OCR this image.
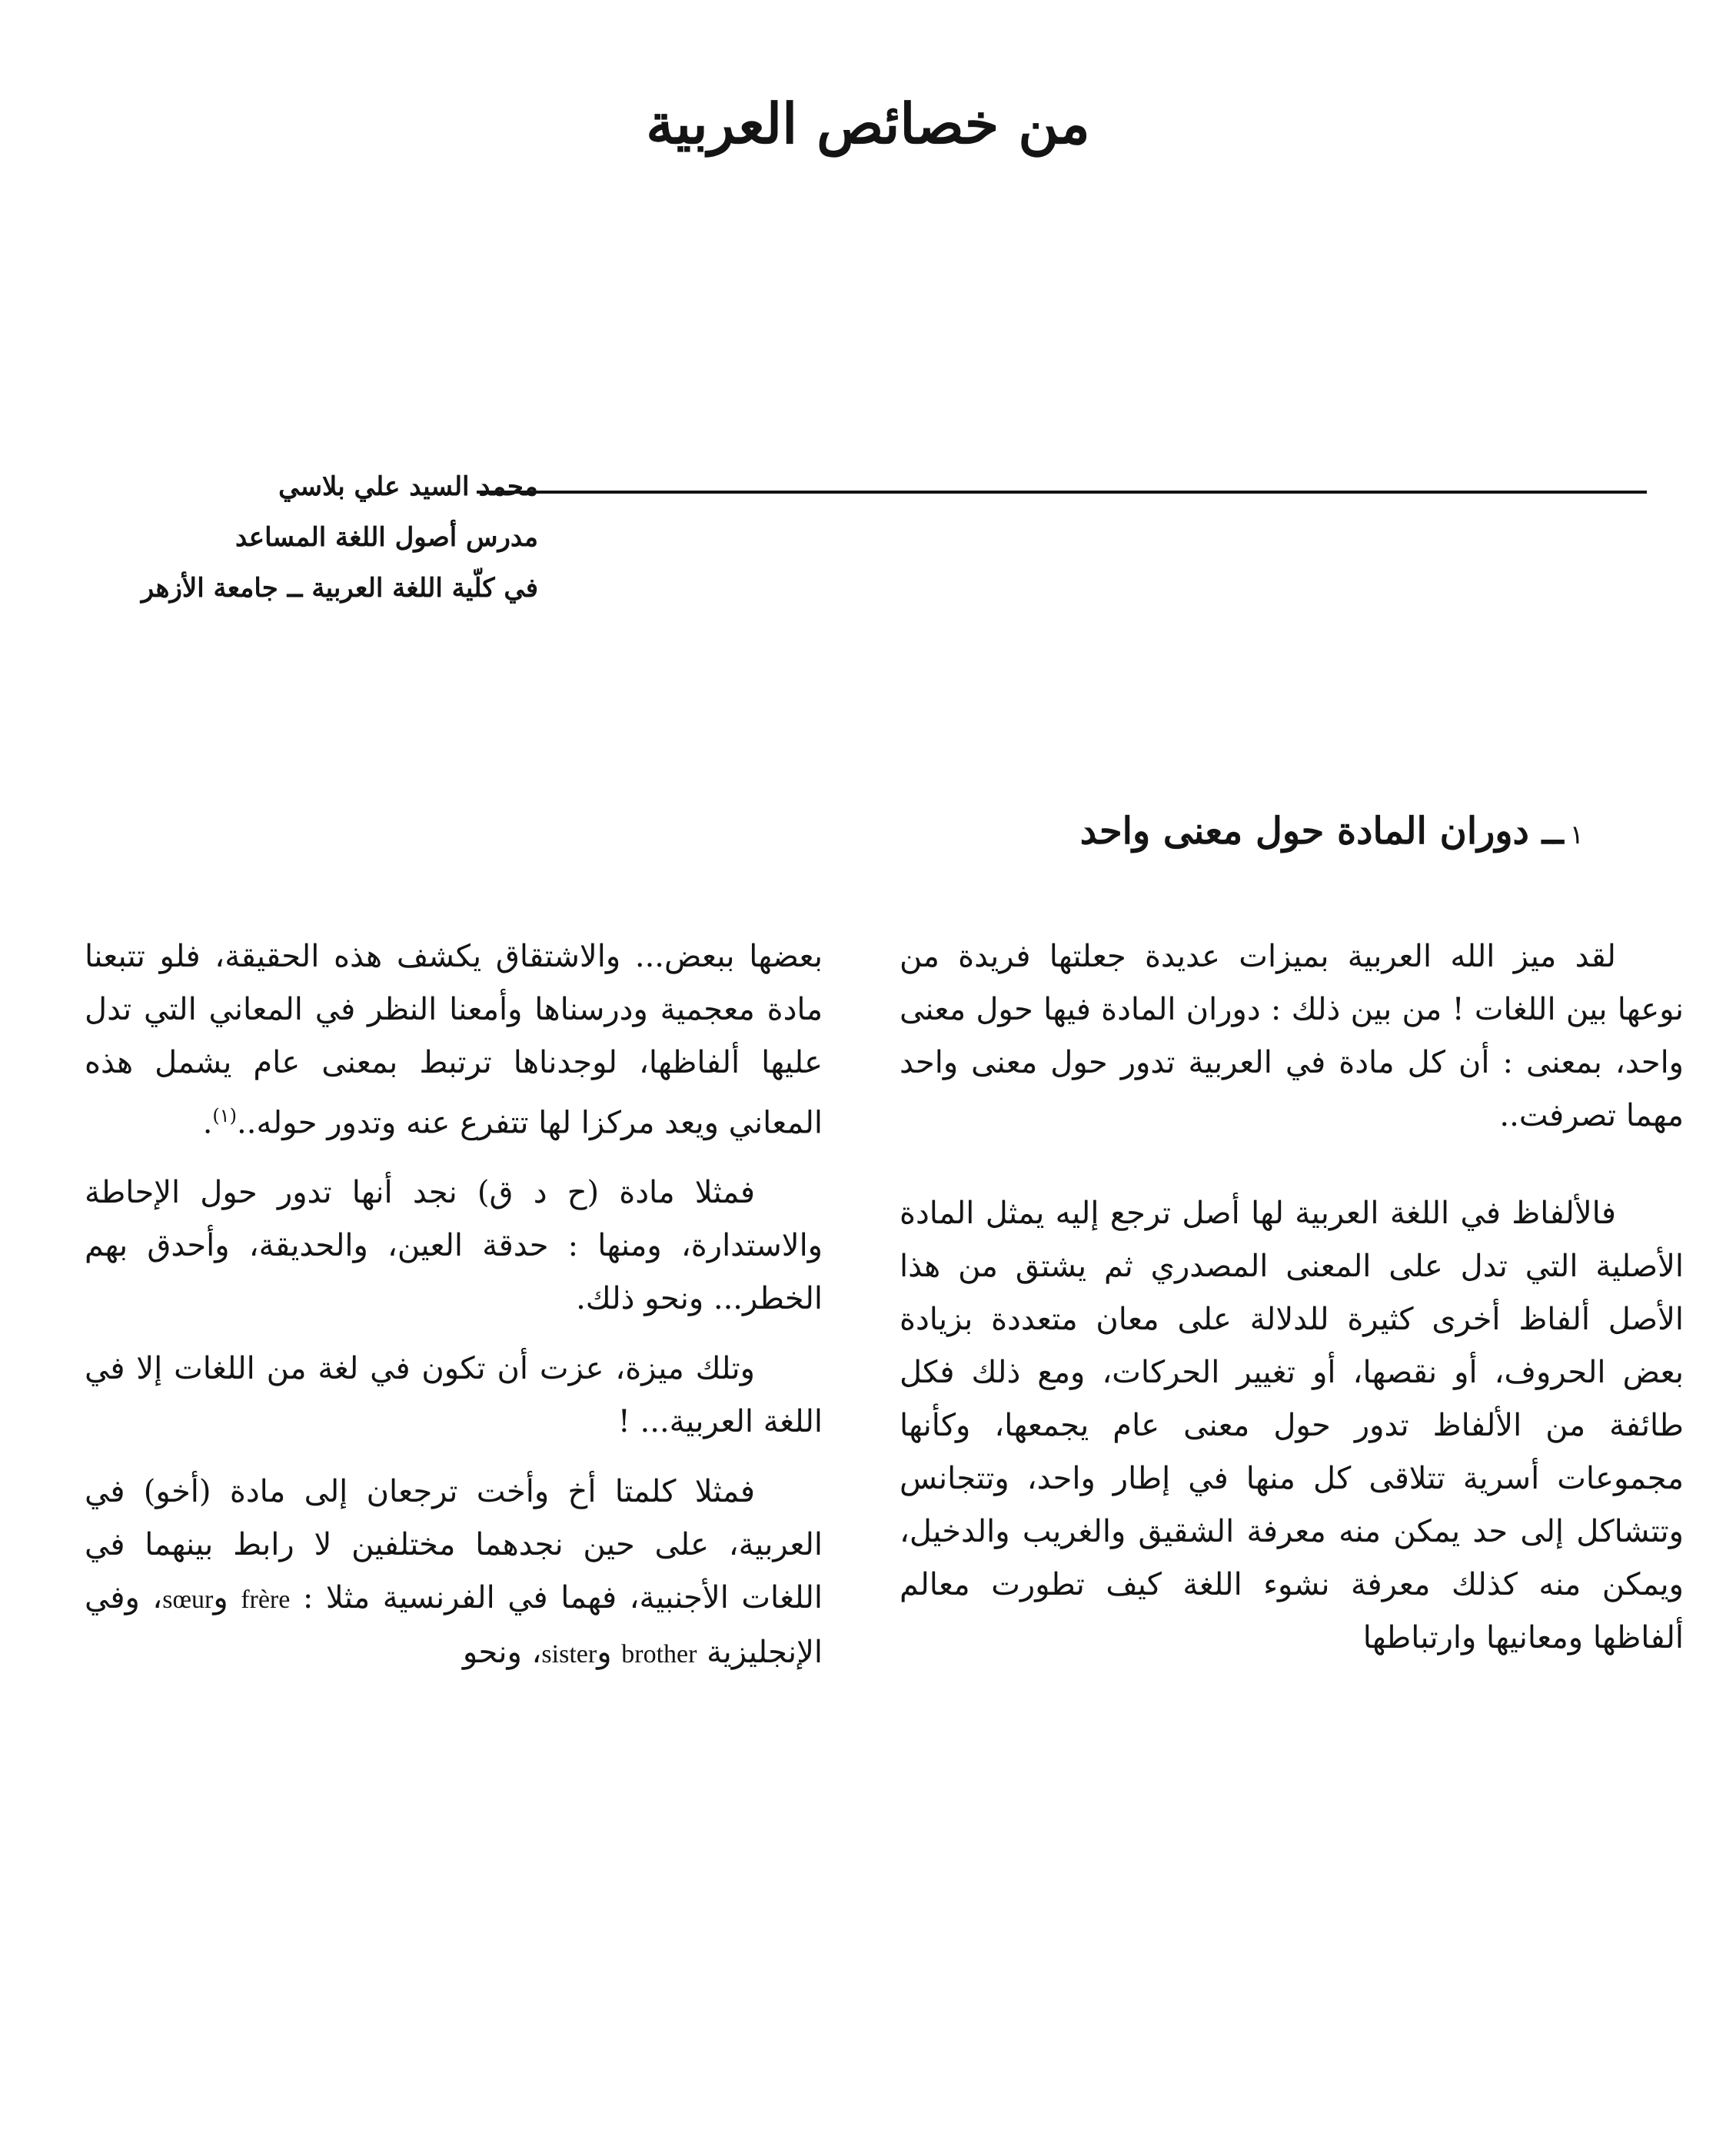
من خصائص العربية
محمد السيد علي بلاسي
مدرس أصول اللغة المساعد
في كلّية اللغة العربية ــ جامعة الأزهر
١ــ دوران المادة حول معنى واحد

لقد ميز الله العربية بميزات عديدة جعلتها فريدة من نوعها بين اللغات ! من بين ذلك : دوران المادة فيها حول معنى واحد، بمعنى : أن كل مادة في العربية تدور حول معنى واحد مهما تصرفت..

فالألفاظ في اللغة العربية لها أصل ترجع إليه يمثل المادة الأصلية التي تدل على المعنى المصدري ثم يشتق من هذا الأصل ألفاظ أخرى كثيرة للدلالة على معان متعددة بزيادة بعض الحروف، أو نقصها، أو تغيير الحركات، ومع ذلك فكل طائفة من الألفاظ تدور حول معنى عام يجمعها، وكأنها مجموعات أسرية تتلاقى كل منها في إطار واحد، وتتجانس وتتشاكل إلى حد يمكن منه معرفة الشقيق والغريب والدخيل، ويمكن منه كذلك معرفة نشوء اللغة كيف تطورت معالم ألفاظها ومعانيها وارتباطها

بعضها ببعض... والاشتقاق يكشف هذه الحقيقة، فلو تتبعنا مادة معجمية ودرسناها وأمعنا النظر في المعاني التي تدل عليها ألفاظها، لوجدناها ترتبط بمعنى عام يشمل هذه المعاني ويعد مركزا لها تتفرع عنه وتدور حوله..$^{(١)}$.

فمثلا مادة (ح د ق) نجد أنها تدور حول الإحاطة والاستدارة، ومنها : حدقة العين، والحديقة، وأحدق بهم الخطر... ونحو ذلك.

وتلك ميزة، عزت أن تكون في لغة من اللغات إلا في اللغة العربية... !

فمثلا كلمتا أخ وأخت ترجعان إلى مادة (أخو) في العربية، على حين نجدهما مختلفين لا رابط بينهما في اللغات الأجنبية، فهما في الفرنسية مثلا : frère وsœur، وفي الإنجليزية brother وsister، ونحو
